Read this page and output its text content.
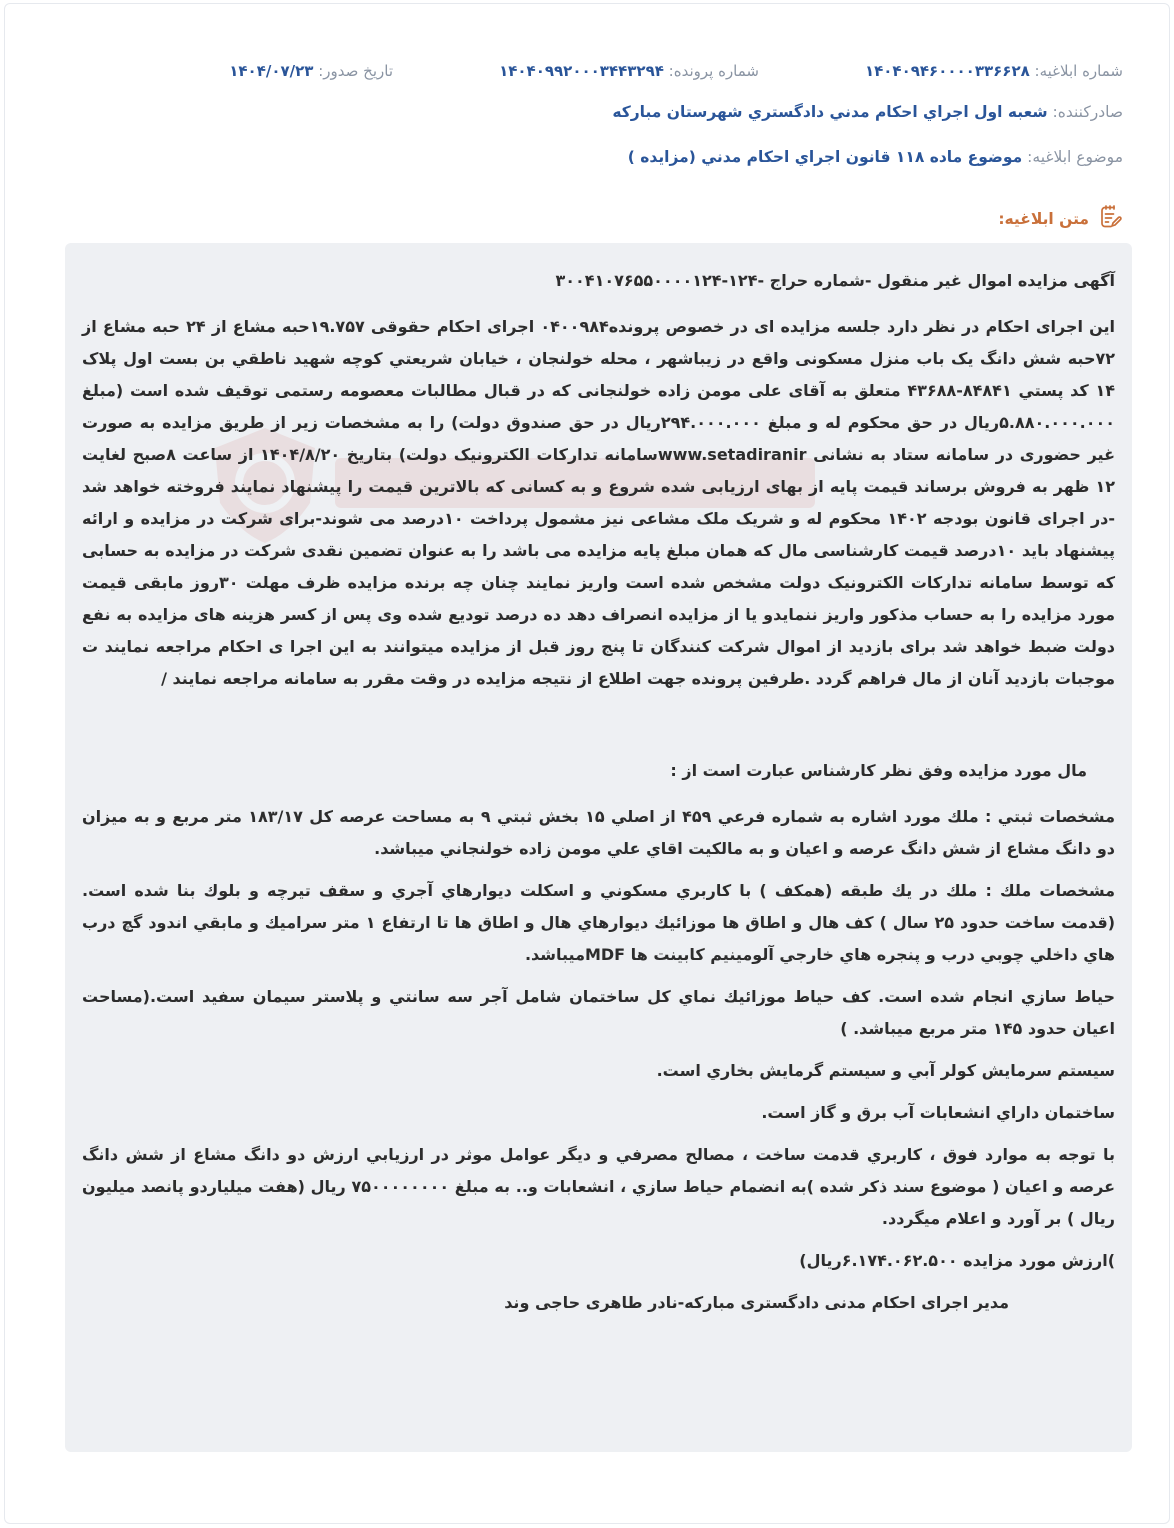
شماره ابلاغیه: ۱۴۰۴۰۹۴۶۰۰۰۰۳۳۶۶۲۸
شماره پرونده: ۱۴۰۴۰۹۹۲۰۰۰۳۴۴۳۲۹۴
تاریخ صدور: ۱۴۰۴/۰۷/۲۳
صادرکننده: شعبه اول اجراي احكام مدني دادگستري شهرستان مباركه
موضوع ابلاغیه: موضوع ماده ۱۱۸ قانون اجراي احكام مدني (مزايده )
متن ابلاغیه:

آگهی مزایده اموال غیر منقول -شماره حراج -۱۲۴-۳۰۰۴۱۰۷۶۵۵۰۰۰۰۱۲۴

این اجرای احکام در نظر دارد جلسه مزایده ای در خصوص پرونده۰۴۰۰۹۸۴ اجرای احکام حقوقی ۱۹.۷۵۷حبه مشاع از ۲۴ حبه مشاع از ۷۲حبه شش دانگ یک باب منزل مسکونی واقع در زیباشهر ، محله خولنجان ، خیابان شریعتي کوچه شهيد ناطقي بن بست اول پلاک ۱۴ کد پستي ۸۴۸۴۱-۴۳۶۸۸ متعلق به آقای علی مومن زاده خولنجانی که در قبال مطالبات معصومه رستمی توقیف شده است (مبلغ ۵.۸۸۰.۰۰۰.۰۰۰ریال در حق محکوم له و مبلغ ۲۹۴.۰۰۰.۰۰۰ریال در حق صندوق دولت) را به مشخصات زیر از طریق مزایده به صورت غیر حضوری در سامانه ستاد به نشانی www.setadiranirسامانه تدارکات الکترونیک دولت) بتاریخ ۱۴۰۴/۸/۲۰ از ساعت ۸صبح لغایت ۱۲ ظهر به فروش برساند قیمت پایه از بهای ارزیابی شده شروع و به کسانی که بالاترین قیمت را پیشنهاد نمایند فروخته خواهد شد -در اجرای قانون بودجه ۱۴۰۲ محکوم له و شریک ملک مشاعی نیز مشمول پرداخت ۱۰درصد می شوند-برای شرکت در مزایده و ارائه پیشنهاد باید ۱۰درصد قیمت کارشناسی مال که همان مبلغ پایه مزایده می باشد را به عنوان تضمین نقدی شرکت در مزایده به حسابی که توسط سامانه تدارکات الکترونیک دولت مشخص شده است واریز نمایند چنان چه برنده مزایده ظرف مهلت ۳۰روز مابقی قیمت مورد مزایده را به حساب مذکور واریز ننمایدو یا از مزایده انصراف دهد ده درصد تودیع شده وی پس از کسر هزینه های مزایده به نفع دولت ضبط خواهد شد برای بازدید از اموال شرکت کنندگان تا پنج روز قبل از مزایده میتوانند به این اجرا ی احکام مراجعه نمایند ت موجبات بازدید آنان از مال فراهم گردد .طرفین پرونده جهت اطلاع از نتیجه مزایده در وقت مقرر به سامانه مراجعه نمایند /

مال مورد مزايده وفق نظر كارشناس عبارت است از :

مشخصات ثبتي : ملك مورد اشاره به شماره فرعي ۴۵۹ از اصلي ۱۵ بخش ثبتي ۹ به مساحت عرصه كل ۱۸۳/۱۷ متر مربع و به ميزان دو دانگ مشاع از شش دانگ عرصه و اعيان و به مالكيت اقاي علي مومن زاده خولنجاني ميباشد.

مشخصات ملك : ملك در يك طبقه (همكف ) با كاربري مسكوني و اسكلت ديوارهاي آجري و سقف تيرچه و بلوك بنا شده است. (قدمت ساخت حدود ۲۵ سال ) كف هال و اطاق ها موزائيك ديوارهاي هال و اطاق ها تا ارتفاع ۱ متر سراميك و مابقي اندود گچ درب هاي داخلي چوبي درب و پنجره هاي خارجي آلومينيم كابينت ها MDFميباشد.

حياط سازي انجام شده است. كف حياط موزائيك نماي كل ساختمان شامل آجر سه سانتي و پلاستر سيمان سفيد است.(مساحت اعيان حدود ۱۴۵ متر مربع ميباشد. )

سيستم سرمايش كولر آبي و سيستم گرمايش بخاري است.

ساختمان داراي انشعابات آب برق و گاز است.

با توجه به موارد فوق ، كاربري قدمت ساخت ، مصالح مصرفي و ديگر عوامل موثر در ارزيابي ارزش دو دانگ مشاع از شش دانگ عرصه و اعيان ( موضوع سند ذكر شده )به انضمام حياط سازي ، انشعابات و.. به مبلغ ۷۵۰۰۰۰۰۰۰۰ ريال (هفت ميلياردو پانصد ميليون ريال ) بر آورد و اعلام ميگردد.

)ارزش مورد مزایده ۶.۱۷۴.۰۶۲.۵۰۰ریال)

مدیر اجرای احکام مدنی دادگستری مبارکه-نادر طاهری حاجی وند
